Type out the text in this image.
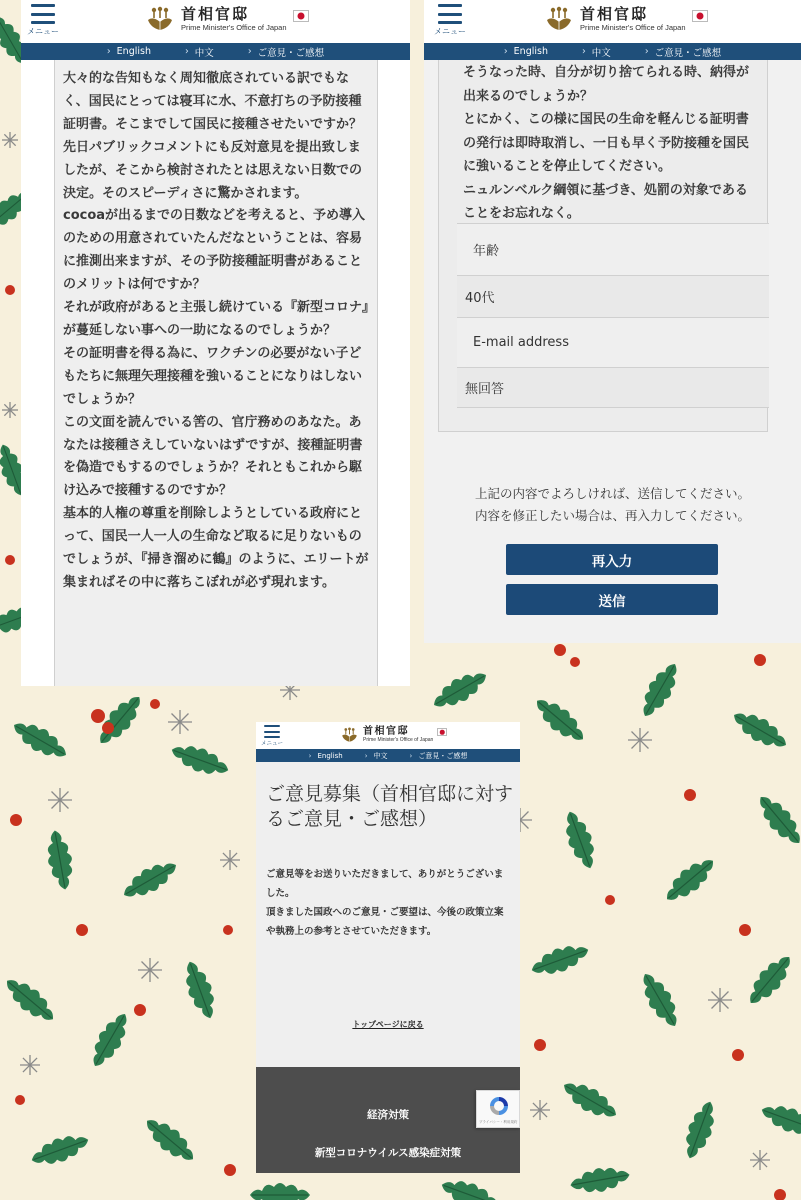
メニュー
首相官邸
Prime Minister's Office of Japan
› English	› 中文	› ご意見・ご感想
大々的な告知もなく周知徹底されている訳でもなく、国民にとっては寝耳に水、不意打ちの予防接種証明書。そこまでして国民に接種させたいですか？
先日パブリックコメントにも反対意見を提出致しましたが、そこから検討されたとは思えない日数での決定。そのスピーディさに驚かされます。
cocoaが出るまでの日数などを考えると、予め導入のための用意されていたんだなということは、容易に推測出来ますが、その予防接種証明書があることのメリットは何ですか？
それが政府があると主張し続けている『新型コロナ』が蔓延しない事への一助になるのでしょうか？
その証明書を得る為に、ワクチンの必要がない子どもたちに無理矢理接種を強いることになりはしないでしょうか？
この文面を読んでいる筈の、官庁務めのあなた。あなたは接種さえしていないはずですが、接種証明書を偽造でもするのでしょうか？それともこれから駆け込みで接種するのですか？
基本的人権の尊重を削除しようとしている政府にとって、国民一人一人の生命など取るに足りないものでしょうが、『掃き溜めに鶴』のように、エリートが集まればその中に落ちこぼれが必ず現れます。
メニュー
首相官邸
Prime Minister's Office of Japan
› English	› 中文	› ご意見・ご感想
そうなった時、自分が切り捨てられる時、納得が出来るのでしょうか？
とにかく、この様に国民の生命を軽んじる証明書の発行は即時取消し、一日も早く予防接種を国民に強いることを停止してください。
ニュルンベルク綱領に基づき、処罰の対象であることをお忘れなく。
年齢
40代
E-mail address
無回答
上記の内容でよろしければ、送信してください。
内容を修正したい場合は、再入力してください。
再入力
送信
メニュー
首相官邸
Prime Minister's Office of Japan
› English	› 中文	› ご意見・ご感想
ご意見募集（首相官邸に対するご意見・ご感想）
ご意見等をお送りいただきまして、ありがとうございました。
頂きました国政へのご意見・ご要望は、今後の政策立案や執務上の参考とさせていただきます。
トップページに戻る
経済対策
新型コロナウイルス感染症対策
プライバシー・利用規約
